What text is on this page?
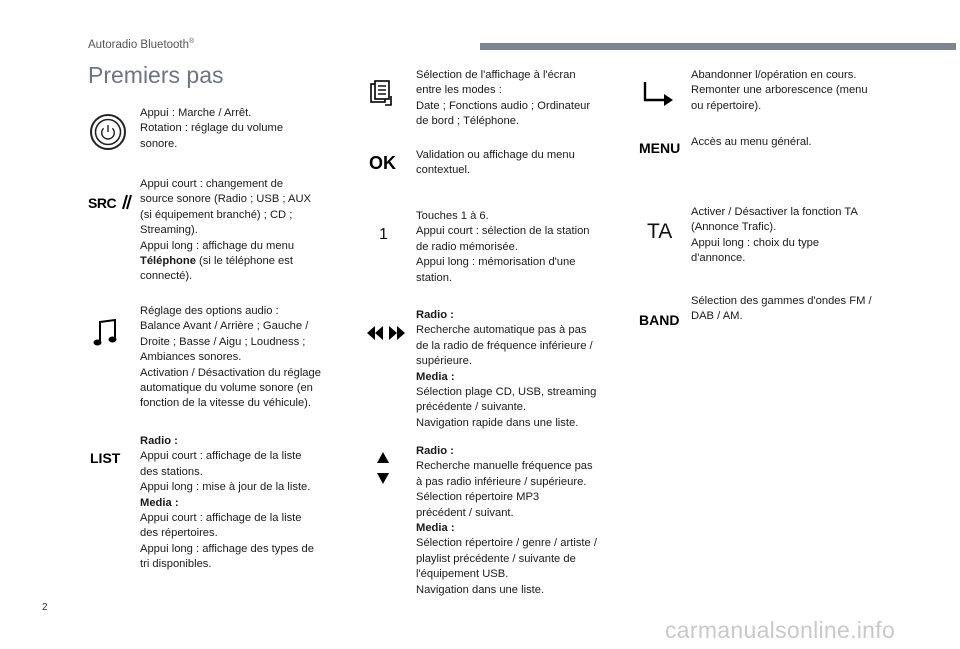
Autoradio Bluetooth®
Premiers pas
Appui : Marche / Arrêt.
Rotation : réglage du volume
sonore.
SRC
Appui court : changement de
source sonore (Radio ; USB ; AUX
(si équipement branché) ; CD ;
Streaming).
Appui long : affichage du menu
Téléphone (si le téléphone est
connecté).
Réglage des options audio :
Balance Avant / Arrière ; Gauche /
Droite ; Basse / Aigu ; Loudness ;
Ambiances sonores.
Activation / Désactivation du réglage
automatique du volume sonore (en
fonction de la vitesse du véhicule).
LIST
Radio :
Appui court : affichage de la liste
des stations.
Appui long : mise à jour de la liste.
Media :
Appui court : affichage de la liste
des répertoires.
Appui long : affichage des types de
tri disponibles.
Sélection de l'affichage à l'écran
entre les modes :
Date ; Fonctions audio ; Ordinateur
de bord ; Téléphone.
OK Validation ou affichage du menu
contextuel.
1
Touches 1 à 6.
Appui court : sélection de la station
de radio mémorisée.
Appui long : mémorisation d'une
station.
Radio :
Recherche automatique pas à pas
de la radio de fréquence inférieure /
supérieure.
Media :
Sélection plage CD, USB, streaming
précédente / suivante.
Navigation rapide dans une liste.
Radio :
Recherche manuelle fréquence pas
à pas radio inférieure / supérieure.
Sélection répertoire MP3
précédent / suivant.
Media :
Sélection répertoire / genre / artiste /
playlist précédente / suivante de
l'équipement USB.
Navigation dans une liste.
Abandonner l/opération en cours.
Remonter une arborescence (menu
ou répertoire).
MENU Accès au menu général.
TA
Activer / Désactiver la fonction TA
(Annonce Trafic).
Appui long : choix du type
d'annonce.
BAND
Sélection des gammes d'ondes FM /
DAB / AM.
2
carmanualsonline.info
